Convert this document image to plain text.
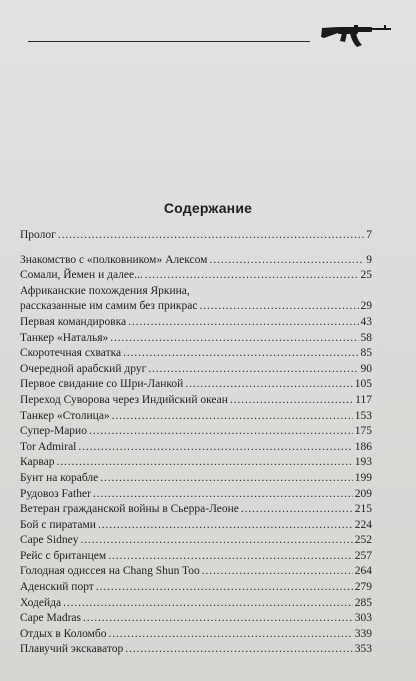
Содержание
Пролог . . .	7
Знакомство с «полковником» Алексом . . .	9
Сомали, Йемен и далее... . . .	25
Африканские похождения Яркина,
рассказанные им самим без прикрас . . .	29
Первая командировка . . .	43
Танкер «Наталья» . . .	58
Скоротечная схватка . . .	85
Очередной арабский друг . . .	90
Первое свидание со Шри-Ланкой . . .	105
Переход Суворова через Индийский океан . . .	117
Танкер «Столица» . . .	153
Супер-Марио . . .	175
Tor Admiral . . .	186
Карвар . . .	193
Бунт на корабле . . .	199
Рудовоз Father . . .	209
Ветеран гражданской войны в Сьерра-Леоне . . .	215
Бой с пиратами . . .	224
Cape Sidney . . .	252
Рейс с британцем . . .	257
Голодная одиссея на Chang Shun Too . . .	264
Аденский порт . . .	279
Ходейда . . .	285
Cape Madras . . .	303
Отдых в Коломбо . . .	339
Плавучий экскаватор . . .	353
